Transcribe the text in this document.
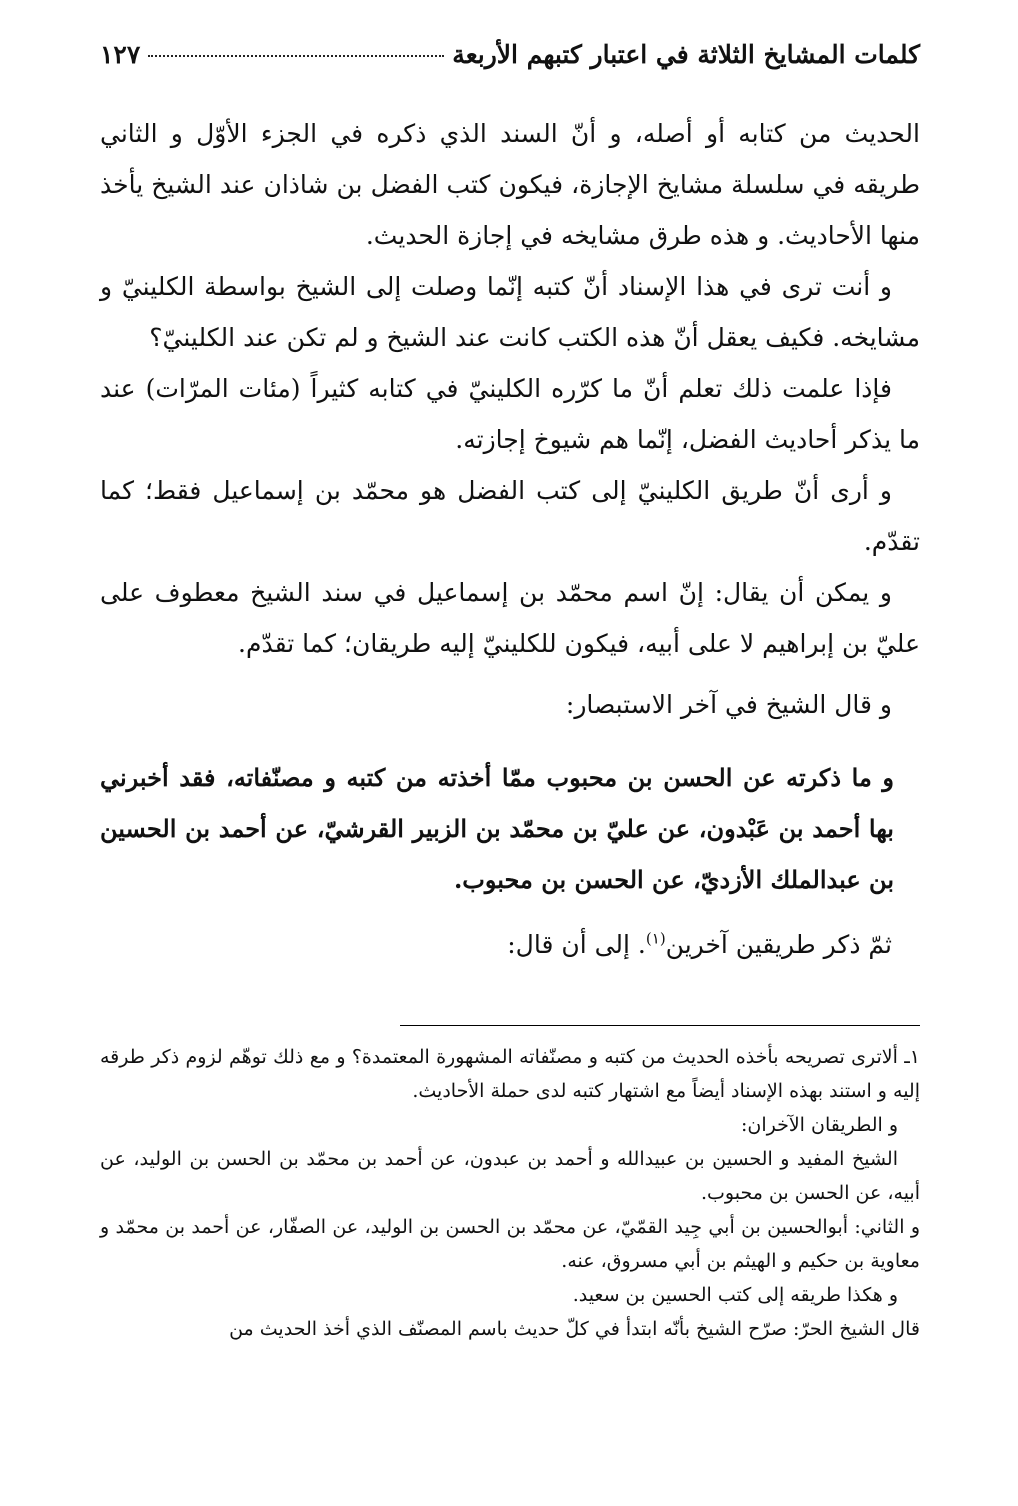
كلمات المشايخ الثلاثة في اعتبار كتبهم الأربعة
١٢٧

الحديث من كتابه أو أصله، و أنّ السند الذي ذكره في الجزء الأوّل و الثاني طريقه في سلسلة مشايخ الإجازة، فيكون كتب الفضل بن شاذان عند الشيخ يأخذ منها الأحاديث. و هذه طرق مشايخه في إجازة الحديث.

و أنت ترى في هذا الإسناد أنّ كتبه إنّما وصلت إلى الشيخ بواسطة الكلينيّ و مشايخه. فكيف يعقل أنّ هذه الكتب كانت عند الشيخ و لم تكن عند الكلينيّ؟

فإذا علمت ذلك تعلم أنّ ما كرّره الكلينيّ في كتابه كثيراً (مئات المرّات) عند ما يذكر أحاديث الفضل، إنّما هم شيوخ إجازته.

و أرى أنّ طريق الكلينيّ إلى كتب الفضل هو محمّد بن إسماعيل فقط؛ كما تقدّم.

و يمكن أن يقال: إنّ اسم محمّد بن إسماعيل في سند الشيخ معطوف على عليّ بن إبراهيم لا على أبيه، فيكون للكلينيّ إليه طريقان؛ كما تقدّم.

و قال الشيخ في آخر الاستبصار:

و ما ذكرته عن الحسن بن محبوب ممّا أخذته من كتبه و مصنّفاته، فقد أخبرني بها أحمد بن عَبْدون، عن عليّ بن محمّد بن الزبير القرشيّ، عن أحمد بن الحسين بن عبدالملك الأزديّ، عن الحسن بن محبوب.

ثمّ ذكر طريقين آخرين$^{(١)}$. إلى أن قال:

١ـ ألاترى تصريحه بأخذه الحديث من كتبه و مصنّفاته المشهورة المعتمدة؟ و مع ذلك توهّم لزوم ذكر طرقه إليه و استند بهذه الإسناد أيضاً مع اشتهار كتبه لدى حملة الأحاديث.

و الطريقان الآخران:

الشيخ المفيد و الحسين بن عبيدالله و أحمد بن عبدون، عن أحمد بن محمّد بن الحسن بن الوليد، عن أبيه، عن الحسن بن محبوب.

و الثاني: أبوالحسين بن أبي جِيد القمّيّ، عن محمّد بن الحسن بن الوليد، عن الصفّار، عن أحمد بن محمّد و معاوية بن حكيم و الهيثم بن أبي مسروق، عنه.

و هكذا طريقه إلى كتب الحسين بن سعيد.

قال الشيخ الحرّ: صرّح الشيخ بأنّه ابتدأ في كلّ حديث باسم المصنّف الذي أخذ الحديث من
